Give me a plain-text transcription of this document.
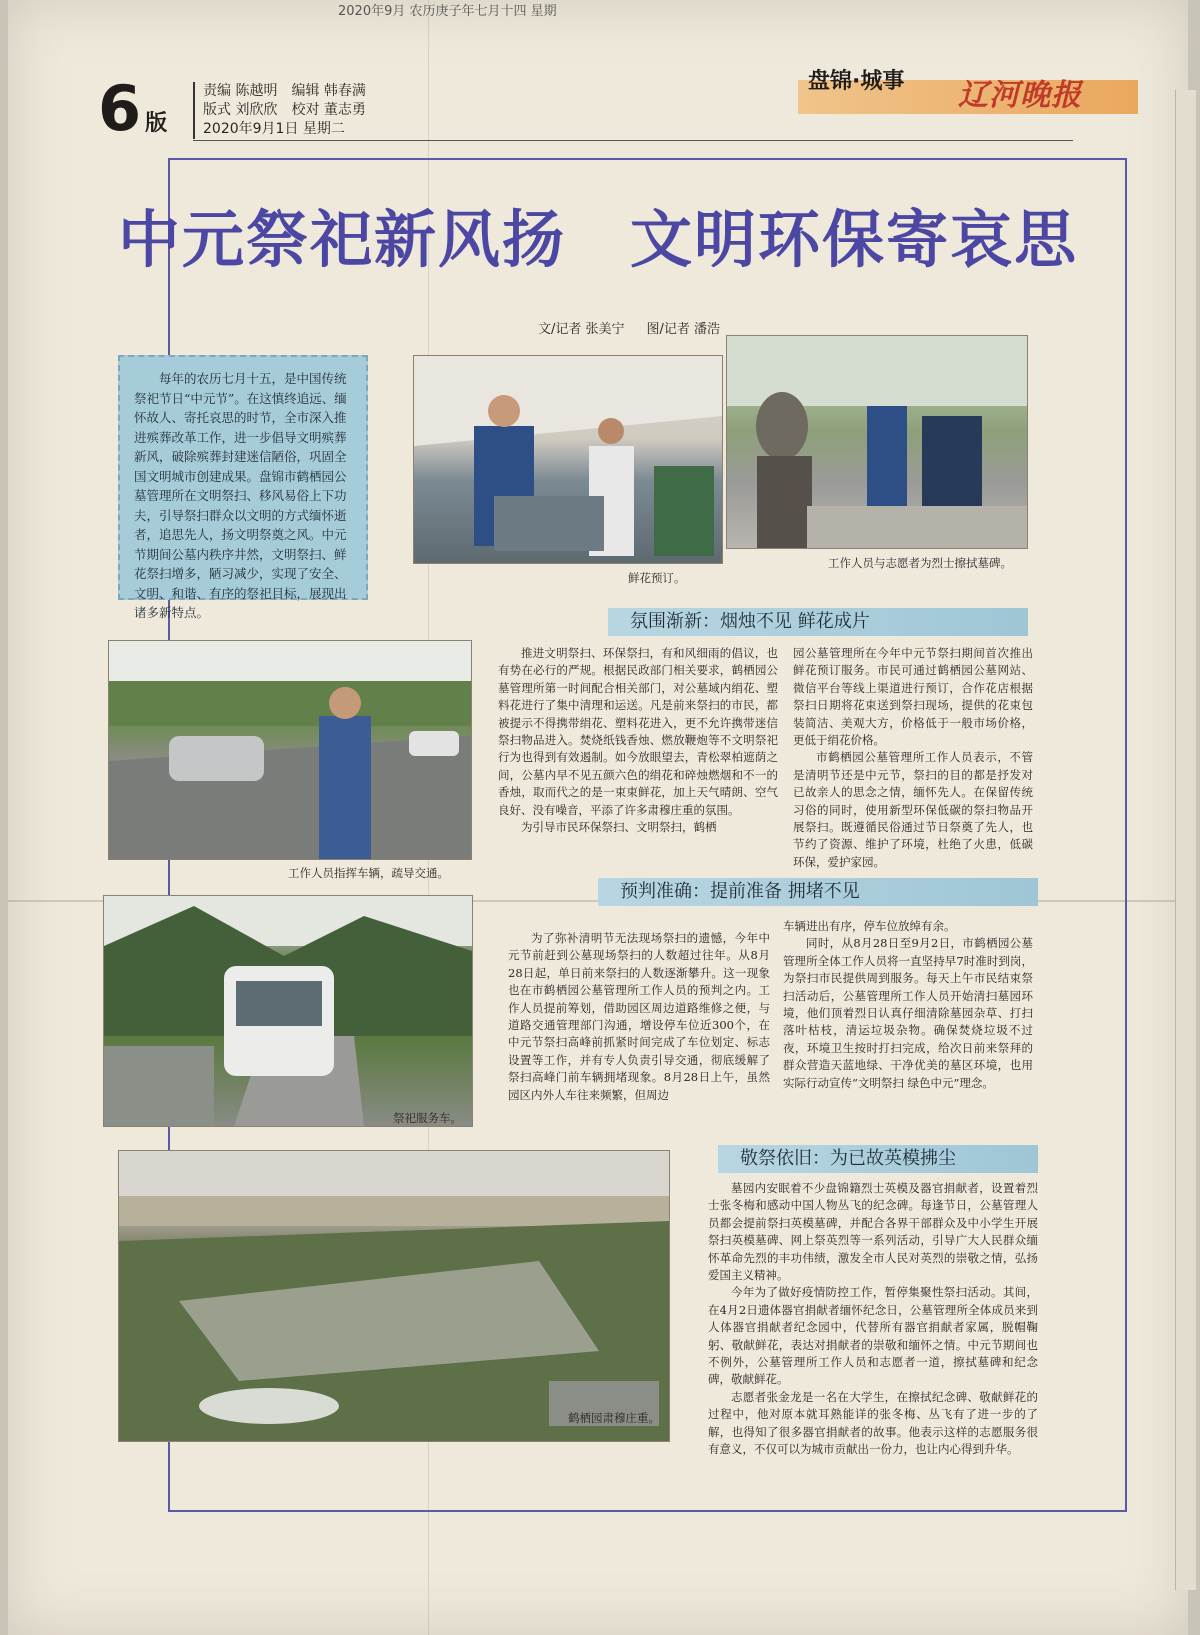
2020年9月 农历庚子年七月十四 星期
6 版
责编 陈越明 编辑 韩春满
版式 刘欣欣 校对 董志勇
2020年9月1日 星期二
盘锦·城事 辽河晚报
中元祭祀新风扬　文明环保寄哀思
文/记者 张美宁 图/记者 潘浩
每年的农历七月十五，是中国传统祭祀节日“中元节”。在这慎终追远、缅怀故人、寄托哀思的时节，全市深入推进殡葬改革工作，进一步倡导文明殡葬新风，破除殡葬封建迷信陋俗，巩固全国文明城市创建成果。盘锦市鹤栖园公墓管理所在文明祭扫、移风易俗上下功夫，引导祭扫群众以文明的方式缅怀逝者，追思先人，扬文明祭奠之风。中元节期间公墓内秩序井然，文明祭扫、鲜花祭扫增多，陋习减少，实现了安全、文明、和谐、有序的祭祀目标，展现出诸多新特点。
鲜花预订。
工作人员与志愿者为烈士擦拭墓碑。
氛围渐新：烟烛不见 鲜花成片
工作人员指挥车辆，疏导交通。

推进文明祭扫、环保祭扫，有和风细雨的倡议，也有势在必行的严规。根据民政部门相关要求，鹤栖园公墓管理所第一时间配合相关部门，对公墓域内绢花、塑料花进行了集中清理和运送。凡是前来祭扫的市民，都被提示不得携带绢花、塑料花进入，更不允许携带迷信祭扫物品进入。焚烧纸钱香烛、燃放鞭炮等不文明祭祀行为也得到有效遏制。如今放眼望去，青松翠柏遮荫之间，公墓内早不见五颜六色的绢花和碎烛燃烟和不一的香烛，取而代之的是一束束鲜花，加上天气晴朗、空气良好、没有噪音，平添了许多肃穆庄重的氛围。

为引导市民环保祭扫、文明祭扫，鹤栖

园公墓管理所在今年中元节祭扫期间首次推出鲜花预订服务。市民可通过鹤栖园公墓网站、微信平台等线上渠道进行预订，合作花店根据祭扫日期将花束送到祭扫现场，提供的花束包装简洁、美观大方，价格低于一般市场价格，更低于绢花价格。

市鹤栖园公墓管理所工作人员表示，不管是清明节还是中元节，祭扫的目的都是抒发对已故亲人的思念之情，缅怀先人。在保留传统习俗的同时，使用新型环保低碳的祭扫物品开展祭扫。既遵循民俗通过节日祭奠了先人，也节约了资源、维护了环境，杜绝了火患，低碳环保，爱护家园。

预判准确：提前准备 拥堵不见
祭祀服务车。

为了弥补清明节无法现场祭扫的遗憾，今年中元节前赶到公墓现场祭扫的人数超过往年。从8月28日起，单日前来祭扫的人数逐渐攀升。这一现象也在市鹤栖园公墓管理所工作人员的预判之内。工作人员提前筹划，借助园区周边道路维修之便，与道路交通管理部门沟通，增设停车位近300个，在中元节祭扫高峰前抓紧时间完成了车位划定、标志设置等工作，并有专人负责引导交通，彻底缓解了祭扫高峰门前车辆拥堵现象。8月28日上午，虽然园区内外人车往来频繁，但周边

车辆进出有序，停车位放绰有余。

同时，从8月28日至9月2日，市鹤栖园公墓管理所全体工作人员将一直坚持早7时准时到岗，为祭扫市民提供周到服务。每天上午市民结束祭扫活动后，公墓管理所工作人员开始清扫墓园环境，他们顶着烈日认真仔细清除墓园杂草、打扫落叶枯枝，清运垃圾杂物。确保焚烧垃圾不过夜，环境卫生按时打扫完成，给次日前来祭拜的群众营造天蓝地绿、干净优美的墓区环境，也用实际行动宣传“文明祭扫 绿色中元”理念。

敬祭依旧：为已故英模拂尘
鹤栖园肃穆庄重。

墓园内安眠着不少盘锦籍烈士英模及器官捐献者，设置着烈士张冬梅和感动中国人物丛飞的纪念碑。每逢节日，公墓管理人员都会提前祭扫英模墓碑，并配合各界干部群众及中小学生开展祭扫英模墓碑、网上祭英烈等一系列活动，引导广大人民群众缅怀革命先烈的丰功伟绩，激发全市人民对英烈的崇敬之情，弘扬爱国主义精神。

今年为了做好疫情防控工作，暂停集聚性祭扫活动。其间，在4月2日遗体器官捐献者缅怀纪念日，公墓管理所全体成员来到人体器官捐献者纪念园中，代替所有器官捐献者家属，脱帽鞠躬、敬献鲜花，表达对捐献者的崇敬和缅怀之情。中元节期间也不例外，公墓管理所工作人员和志愿者一道，擦拭墓碑和纪念碑，敬献鲜花。

志愿者张金龙是一名在大学生，在擦拭纪念碑、敬献鲜花的过程中，他对原本就耳熟能详的张冬梅、丛飞有了进一步的了解，也得知了很多器官捐献者的故事。他表示这样的志愿服务很有意义，不仅可以为城市贡献出一份力，也让内心得到升华。
